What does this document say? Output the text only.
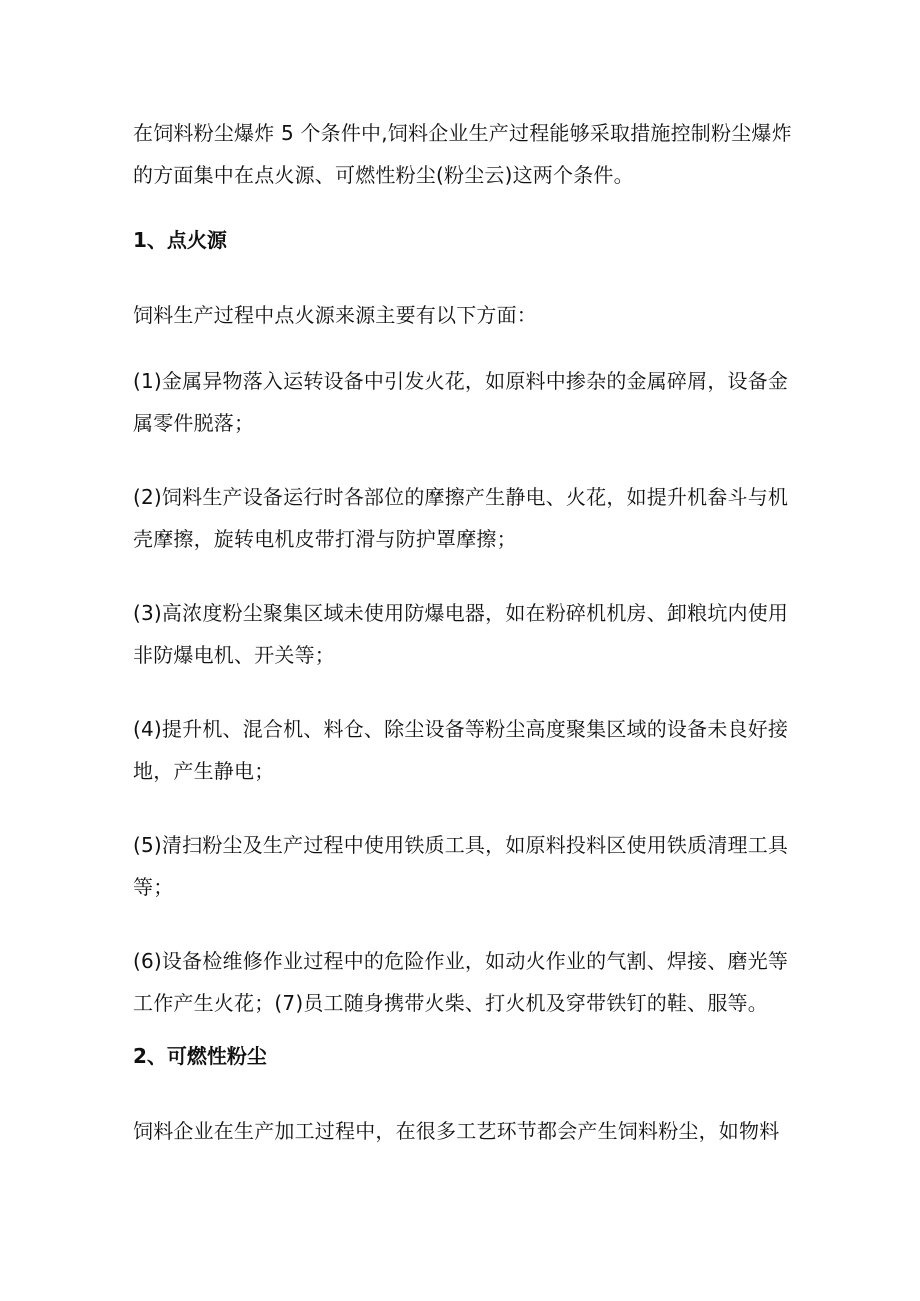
在饲料粉尘爆炸 5 个条件中,饲料企业生产过程能够采取措施控制粉尘爆炸的方面集中在点火源、可燃性粉尘(粉尘云)这两个条件。

1、点火源

饲料生产过程中点火源来源主要有以下方面：

(1)金属异物落入运转设备中引发火花，如原料中掺杂的金属碎屑，设备金属零件脱落；

(2)饲料生产设备运行时各部位的摩擦产生静电、火花，如提升机畚斗与机壳摩擦，旋转电机皮带打滑与防护罩摩擦；

(3)高浓度粉尘聚集区域未使用防爆电器，如在粉碎机机房、卸粮坑内使用非防爆电机、开关等；

(4)提升机、混合机、料仓、除尘设备等粉尘高度聚集区域的设备未良好接地，产生静电；

(5)清扫粉尘及生产过程中使用铁质工具，如原料投料区使用铁质清理工具等；

(6)设备检维修作业过程中的危险作业，如动火作业的气割、焊接、磨光等工作产生火花；(7)员工随身携带火柴、打火机及穿带铁钉的鞋、服等。

2、可燃性粉尘

饲料企业在生产加工过程中，在很多工艺环节都会产生饲料粉尘，如物料
